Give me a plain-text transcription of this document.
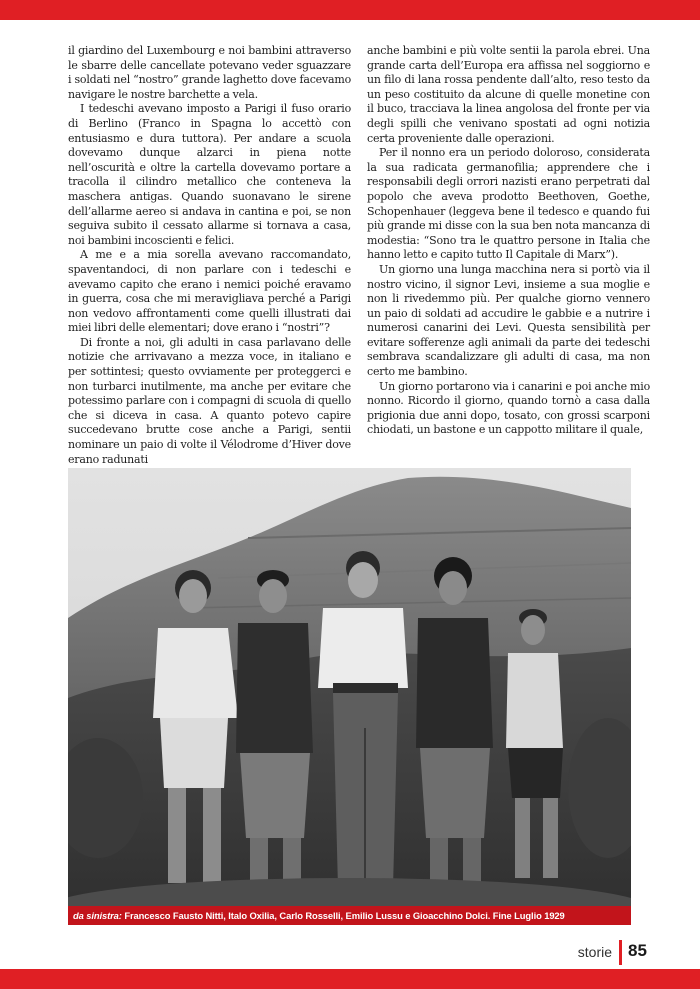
il giardino del Luxembourg e noi bambini attraverso le sbarre delle cancellate potevano veder sguazzare i soldati nel “nostro” grande laghetto dove facevamo navigare le nostre barchette a vela.

I tedeschi avevano imposto a Parigi il fuso orario di Berlino (Franco in Spagna lo accettò con entusiasmo e dura tuttora). Per andare a scuola dovevamo dunque alzarci in piena notte nell’oscurità e oltre la cartella dovevamo portare a tracolla il cilindro metallico che conteneva la maschera antigas. Quando suonavano le sirene dell’allarme aereo si andava in cantina e poi, se non seguiva subito il cessato allarme si tornava a casa, noi bambini incoscienti e felici.

A me e a mia sorella avevano raccomandato, spaventandoci, di non parlare con i tedeschi e avevamo capito che erano i nemici poiché eravamo in guerra, cosa che mi meravigliava perché a Parigi non vedovo affrontamenti come quelli illustrati dai miei libri delle elementari; dove erano i “nostri”?

Di fronte a noi, gli adulti in casa parlavano delle notizie che arrivavano a mezza voce, in italiano e per sottintesi; questo ovviamente per proteggerci e non turbarci inutilmente, ma anche per evitare che potessimo parlare con i compagni di scuola di quello che si diceva in casa. A quanto potevo capire succedevano brutte cose anche a Parigi, sentii nominare un paio di volte il Vélodrome d’Hiver dove erano radunati

anche bambini e più volte sentii la parola ebrei. Una grande carta dell’Europa era affissa nel soggiorno e un filo di lana rossa pendente dall’alto, reso testo da un peso costituito da alcune di quelle monetine con il buco, tracciava la linea angolosa del fronte per via degli spilli che venivano spostati ad ogni notizia certa proveniente dalle operazioni.

Per il nonno era un periodo doloroso, considerata la sua radicata germanofilia; apprendere che i responsabili degli orrori nazisti erano perpetrati dal popolo che aveva prodotto Beethoven, Goethe, Schopenhauer (leggeva bene il tedesco e quando fui più grande mi disse con la sua ben nota mancanza di modestia: “Sono tra le quattro persone in Italia che hanno letto e capito tutto Il Capitale di Marx”).

Un giorno una lunga macchina nera si portò via il nostro vicino, il signor Levi, insieme a sua moglie e non li rivedemmo più. Per qualche giorno vennero un paio di soldati ad accudire le gabbie e a nutrire i numerosi canarini dei Levi. Questa sensibilità per evitare sofferenze agli animali da parte dei tedeschi sembrava scandalizzare gli adulti di casa, ma non certo me bambino.

Un giorno portarono via i canarini e poi anche mio nonno. Ricordo il giorno, quando tornò a casa dalla prigionia due anni dopo, tosato, con grossi scarponi chiodati, un bastone e un cappotto militare il quale,

da sinistra: Francesco Fausto Nitti, Italo Oxilia, Carlo Rosselli, Emilio Lussu e Gioacchino Dolci. Fine Luglio 1929
storie 85
